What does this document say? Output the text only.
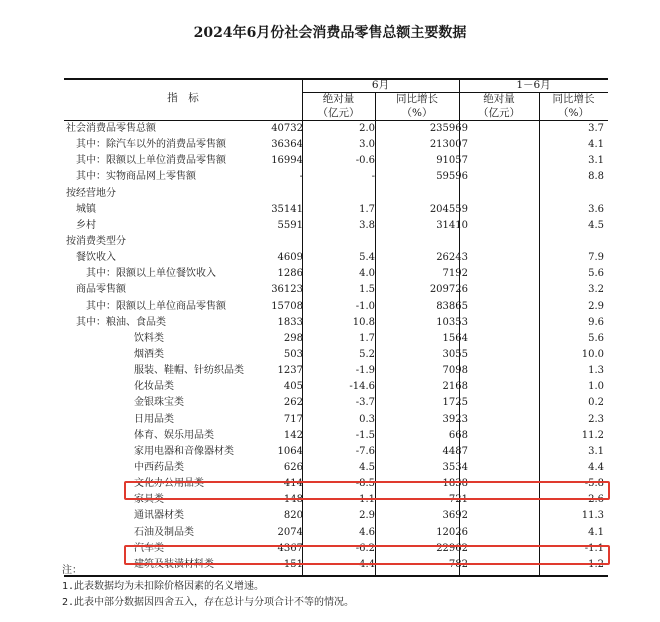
2024年6月份社会消费品零售总额主要数据
指　标
6月	1－6月
绝对量
（亿元）
同比增长
（%）
绝对量
（亿元）
同比增长
（%）
社会消费品零售总额	40732	2.0	235969	3.7
其中：除汽车以外的消费品零售额	36364	3.0	213007	4.1
其中：限额以上单位消费品零售额	16994	-0.6	91057	3.1
其中：实物商品网上零售额	-	-	59596	8.8
按经营地分
城镇	35141	1.7	204559	3.6
乡村	5591	3.8	31410	4.5
按消费类型分
餐饮收入	4609	5.4	26243	7.9
其中：限额以上单位餐饮收入	1286	4.0	7192	5.6
商品零售额	36123	1.5	209726	3.2
其中：限额以上单位商品零售额	15708	-1.0	83865	2.9
其中：粮油、食品类	1833	10.8	10353	9.6
饮料类	298	1.7	1564	5.6
烟酒类	503	5.2	3055	10.0
服装、鞋帽、针纺织品类	1237	-1.9	7098	1.3
化妆品类	405	-14.6	2168	1.0
金银珠宝类	262	-3.7	1725	0.2
日用品类	717	0.3	3923	2.3
体育、娱乐用品类	142	-1.5	668	11.2
家用电器和音像器材类	1064	-7.6	4487	3.1
中西药品类	626	4.5	3534	4.4
文化办公用品类	414	-8.5	1838	-5.8
家具类	148	1.1	721	2.6
通讯器材类	820	2.9	3692	11.3
石油及制品类	2074	4.6	12026	4.1
汽车类	4367	-6.2	22962	-1.1
建筑及装潢材料类	151	-4.4	782	-1.2
注：
1.此表数据均为未扣除价格因素的名义增速。
2.此表中部分数据因四舍五入，存在总计与分项合计不等的情况。
